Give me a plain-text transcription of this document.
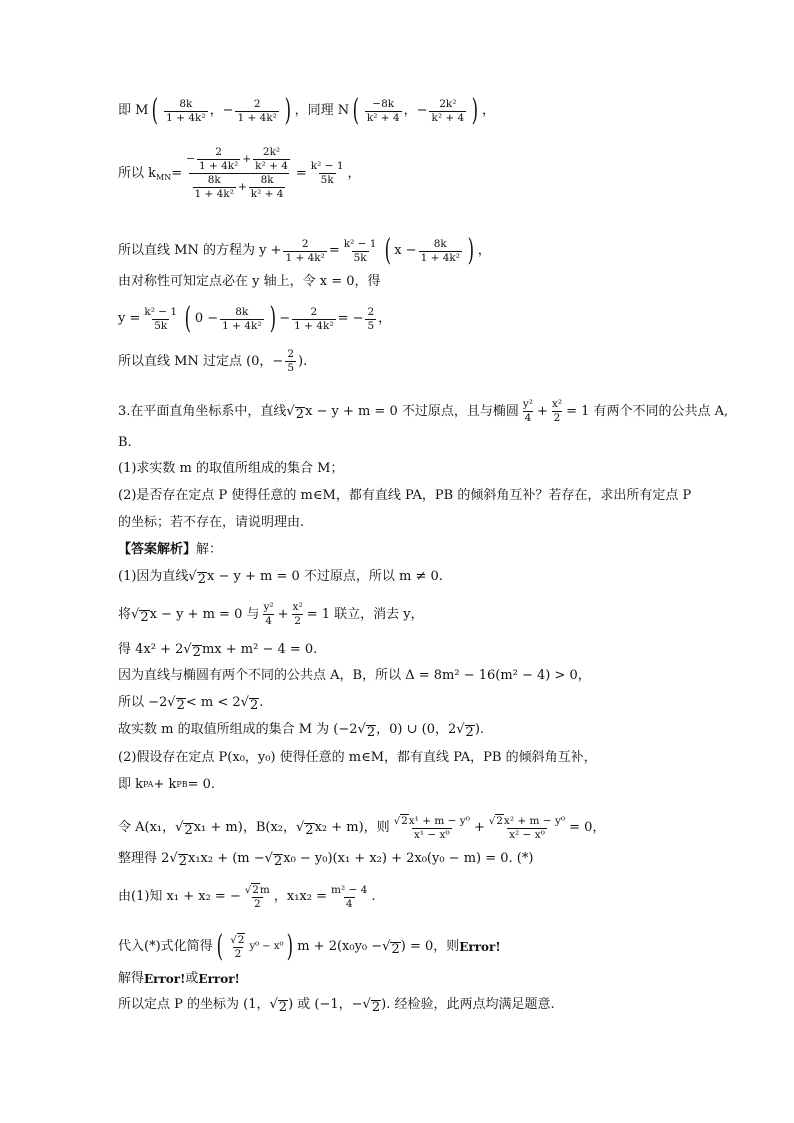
即 M ( $\frac{8k}{\text{1 + 4k²}}$ ，− $\frac{2}{\text{1 + 4k²}}$ ) ，同理 N ( $\frac{-8k}{\text{k² + 4}}$ ，− $\frac{\text{2k²}}{\text{k² + 4}}$ ) ，
所以 $k_{MN} = \frac{- \frac{2}{\text{1 + 4k²}} + \frac{\text{2k²}}{\text{k² + 4}}}{\frac{8k}{\text{1 + 4k²}} + \frac{8k}{\text{k² + 4}}} = \frac{\text{k² − 1}}{5k}$ ，
所以直线 MN 的方程为 $y + \frac{2}{\text{1 + 4k²}} = \frac{\text{k² − 1}}{5k}$ ( $x - \frac{8k}{\text{1 + 4k²}}$ ) ，
由对称性可知定点必在 y 轴上，令 x = 0，得
$y = \frac{\text{k² − 1}}{5k}$ ( $0 - \frac{8k}{\text{1 + 4k²}}$ ) − $\frac{2}{\text{1 + 4k²}}$ = − $\frac{2}{5}$ ，
所以直线 MN 过定点 (0，− $\frac{2}{5}$ ).
3.在平面直角坐标系中，直线 √ 2 x − y + m = 0 不过原点，且与椭圆 $\frac{\text{y²}}{4} + \frac{\text{x²}}{2} = 1$ 有两个不同的公共点 A,
B.
(1)求实数 m 的取值所组成的集合 M；
(2)是否存在定点 P 使得任意的 m∈M，都有直线 PA，PB 的倾斜角互补？若存在，求出所有定点 P
的坐标；若不存在，请说明理由.
【答案解析】 解：
(1)因为直线 √ 2 x − y + m = 0 不过原点，所以 m ≠ 0.
将 √ 2 x − y + m = 0 与 $\frac{\text{y²}}{4} + \frac{\text{x²}}{2} = 1$ 联立，消去 y，
得 4x² + 2 √ 2 mx + m² − 4 = 0.
因为直线与椭圆有两个不同的公共点 A，B，所以 Δ = 8m² − 16(m² − 4) > 0，
所以 −2 √ 2 < m < 2 √ 2 .
故实数 m 的取值所组成的集合 M 为 (−2 √ 2 ，0) ∪ (0，2 √ 2 ).
(2)假设存在定点 P(x₀，y₀) 使得任意的 m∈M，都有直线 PA，PB 的倾斜角互补，
即 k PA + k PB = 0.
令 A(x₁， √ 2 x₁ + m)，B(x₂， √ 2 x₂ + m)，则 $\frac{\text{√ 2 x¹ + m − y⁰}}{\text{x¹ − x⁰}} + \frac{\text{√ 2 x² + m − y⁰}}{\text{x² − x⁰}} = 0$，
整理得 2 √ 2 x₁x₂ + (m − √ 2 x₀ − y₀)(x₁ + x₂) + 2x₀(y₀ − m) = 0. (*)
由(1)知 x₁ + x₂ = − $\frac{√ 2 m}{2}$ ，$x_1x_2 = \frac{\text{m² − 4}}{4}$ .
代入(*)式化简得 ( $\frac{√ 2}{2} y^0 - x^0$ ) m + 2(x₀y₀ − √ 2 ) = 0，则 Error!
解得 Error! 或 Error!
所以定点 P 的坐标为 (1， √ 2 ) 或 (−1，− √ 2 ). 经检验，此两点均满足题意.
